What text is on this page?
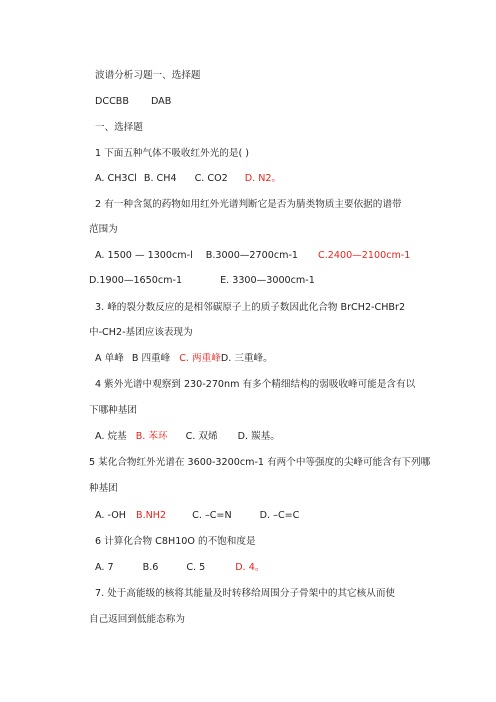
波谱分析习题一、选择题
DCCBB DAB
一、选择题
1 下面五种气体不吸收红外光的是( )
A. CH3Cl B. CH4 C. CO2 D. N2。
2 有一种含氮的药物如用红外光谱判断它是否为腈类物质主要依据的谱带
范围为
A. 1500 — 1300cm-l B.3000—2700cm-1 C.2400—2100cm-1
D.1900—1650cm-1	E. 3300—3000cm-1
3. 峰的裂分数反应的是相邻碳原子上的质子数因此化合物 BrCH2-CHBr2
中-CH2-基团应该表现为
A 单峰 B 四重峰 C. 两重峰D. 三重峰。
4 紫外光谱中观察到 230-270nm 有多个精细结构的弱吸收峰可能是含有以
下哪种基团
A. 烷基 B. 苯环 C. 双烯 D. 羰基。
5 某化合物红外光谱在 3600-3200cm-1 有两个中等强度的尖峰可能含有下列哪
种基团
A. -OH B.NH2	C. –C=N	D. –C=C
6 计算化合物 C8H10O 的不饱和度是
A. 7	B.6	C. 5	D. 4。
7. 处于高能级的核将其能量及时转移给周围分子骨架中的其它核从而使
自己返回到低能态称为
